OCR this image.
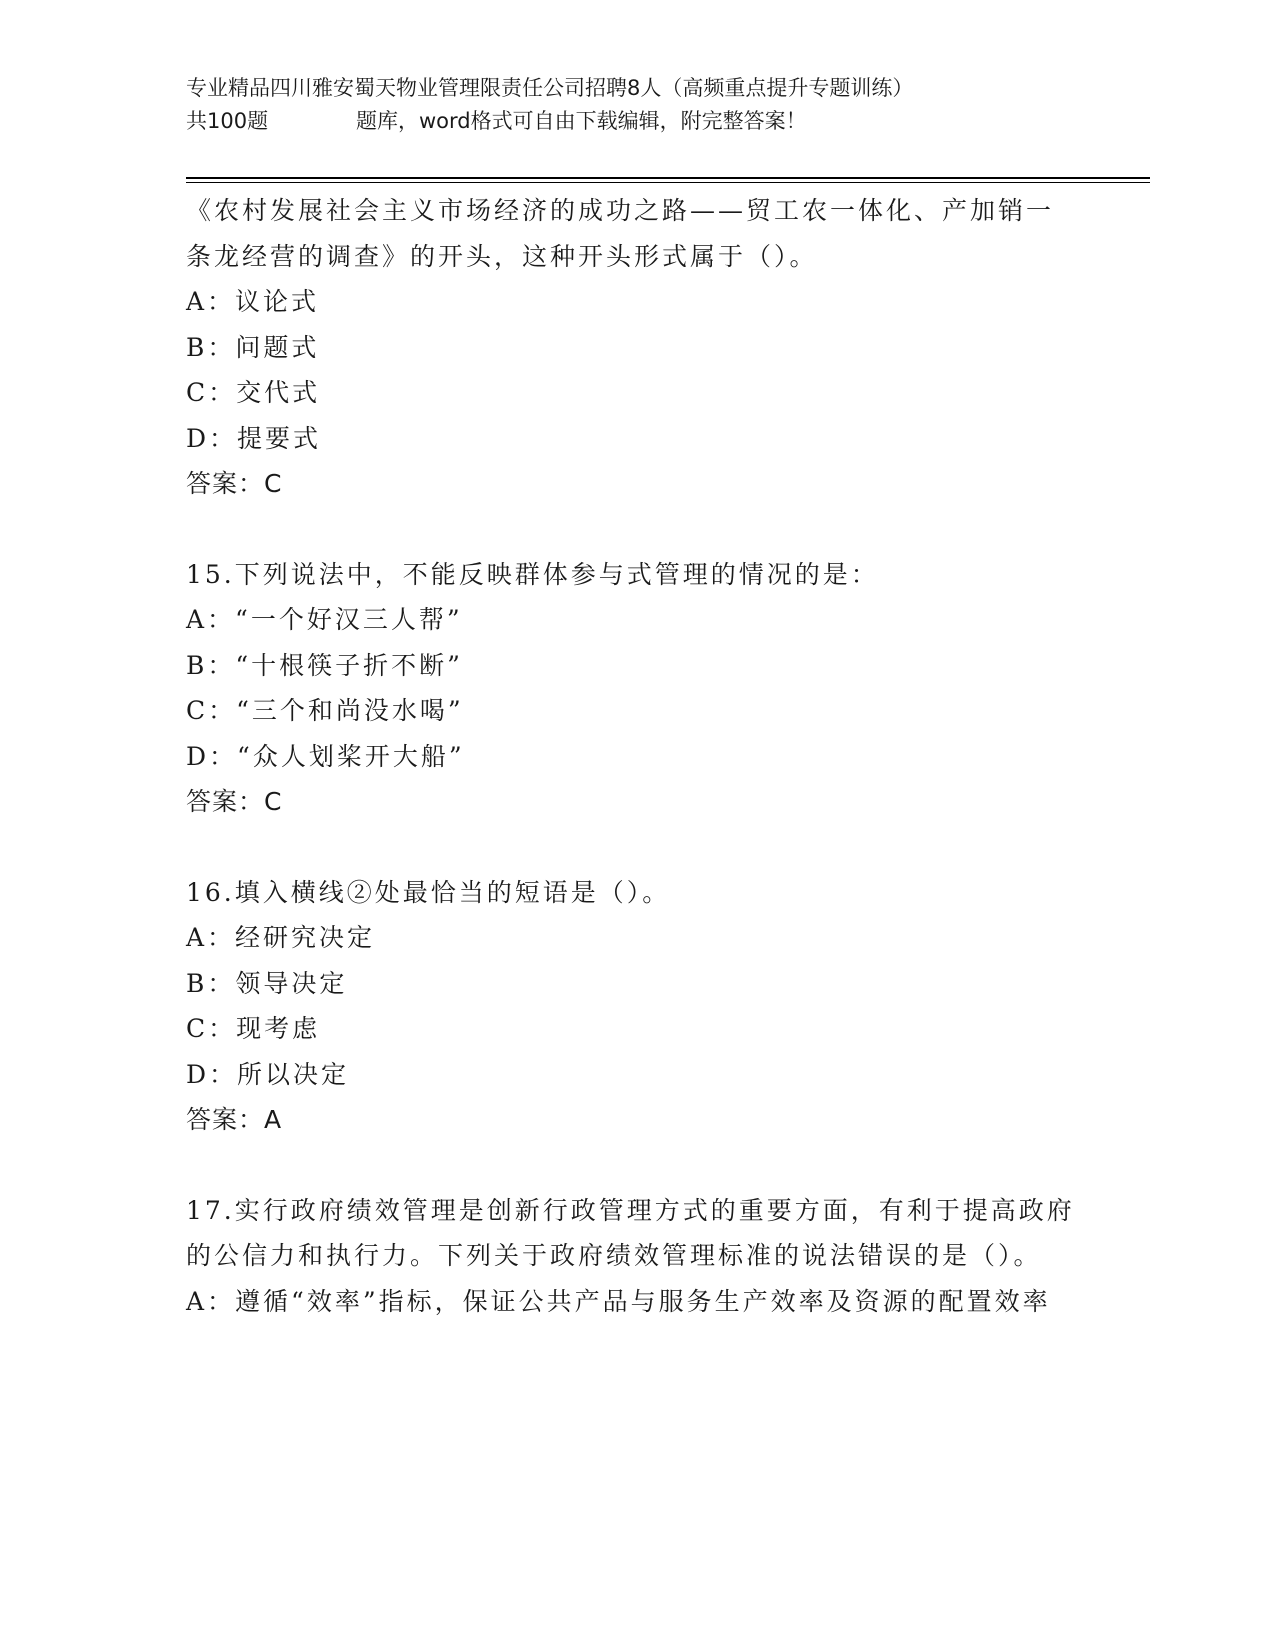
专业精品四川雅安蜀天物业管理限责任公司招聘8人（高频重点提升专题训练）
共100题	题库，word格式可自由下载编辑，附完整答案！
《农村发展社会主义市场经济的成功之路——贸工农一体化、产加销一条龙经营的调查》的开头，这种开头形式属于（）。
A：议论式
B：问题式
C：交代式
D：提要式
答案：C
15.下列说法中，不能反映群体参与式管理的情况的是：
A：“一个好汉三人帮”
B：“十根筷子折不断”
C：“三个和尚没水喝”
D：“众人划桨开大船”
答案：C
16.填入横线②处最恰当的短语是（）。
A：经研究决定
B：领导决定
C：现考虑
D：所以决定
答案：A
17.实行政府绩效管理是创新行政管理方式的重要方面，有利于提高政府的公信力和执行力。下列关于政府绩效管理标准的说法错误的是（）。
A：遵循“效率”指标，保证公共产品与服务生产效率及资源的配置效率
